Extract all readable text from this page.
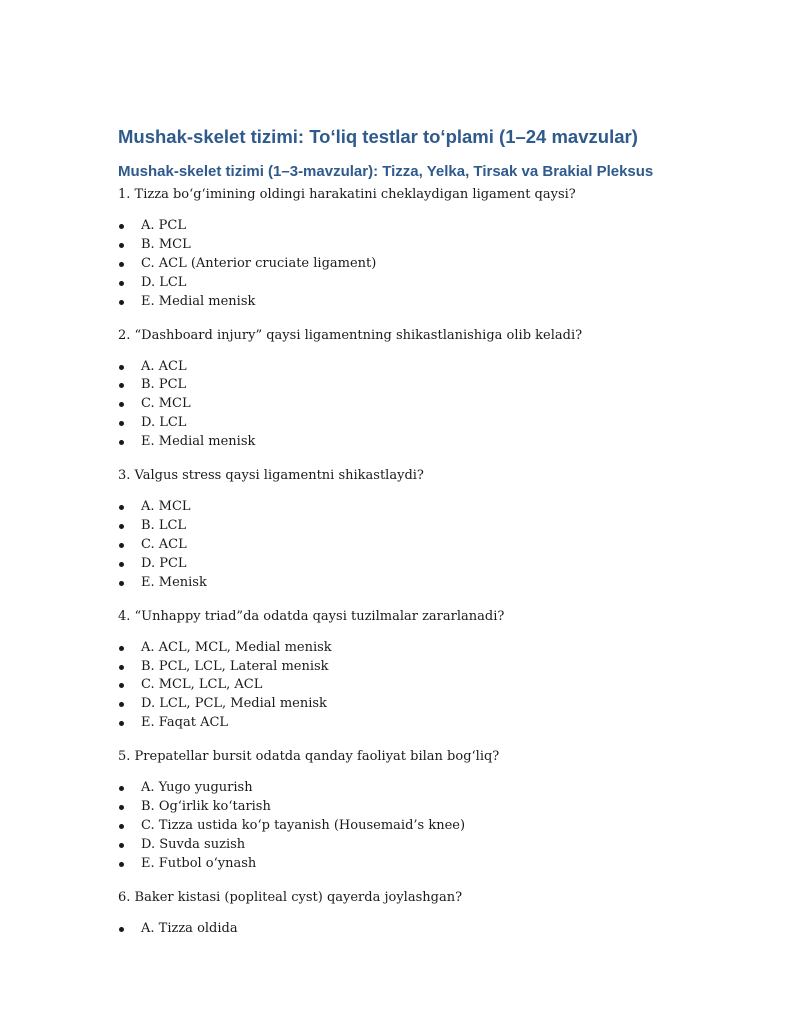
Mushak-skelet tizimi: To‘liq testlar to‘plami (1–24 mavzular)
Mushak-skelet tizimi (1–3-mavzular): Tizza, Yelka, Tirsak va Brakial Pleksus

1. Tizza bo‘g‘imining oldingi harakatini cheklaydigan ligament qaysi?

A. PCL
B. MCL
C. ACL (Anterior cruciate ligament)
D. LCL
E. Medial menisk

2. “Dashboard injury” qaysi ligamentning shikastlanishiga olib keladi?

A. ACL
B. PCL
C. MCL
D. LCL
E. Medial menisk

3. Valgus stress qaysi ligamentni shikastlaydi?

A. MCL
B. LCL
C. ACL
D. PCL
E. Menisk

4. “Unhappy triad”da odatda qaysi tuzilmalar zararlanadi?

A. ACL, MCL, Medial menisk
B. PCL, LCL, Lateral menisk
C. MCL, LCL, ACL
D. LCL, PCL, Medial menisk
E. Faqat ACL

5. Prepatellar bursit odatda qanday faoliyat bilan bog‘liq?

A. Yugo yugurish
B. Og‘irlik ko‘tarish
C. Tizza ustida ko‘p tayanish (Housemaid’s knee)
D. Suvda suzish
E. Futbol o‘ynash

6. Baker kistasi (popliteal cyst) qayerda joylashgan?

A. Tizza oldida
